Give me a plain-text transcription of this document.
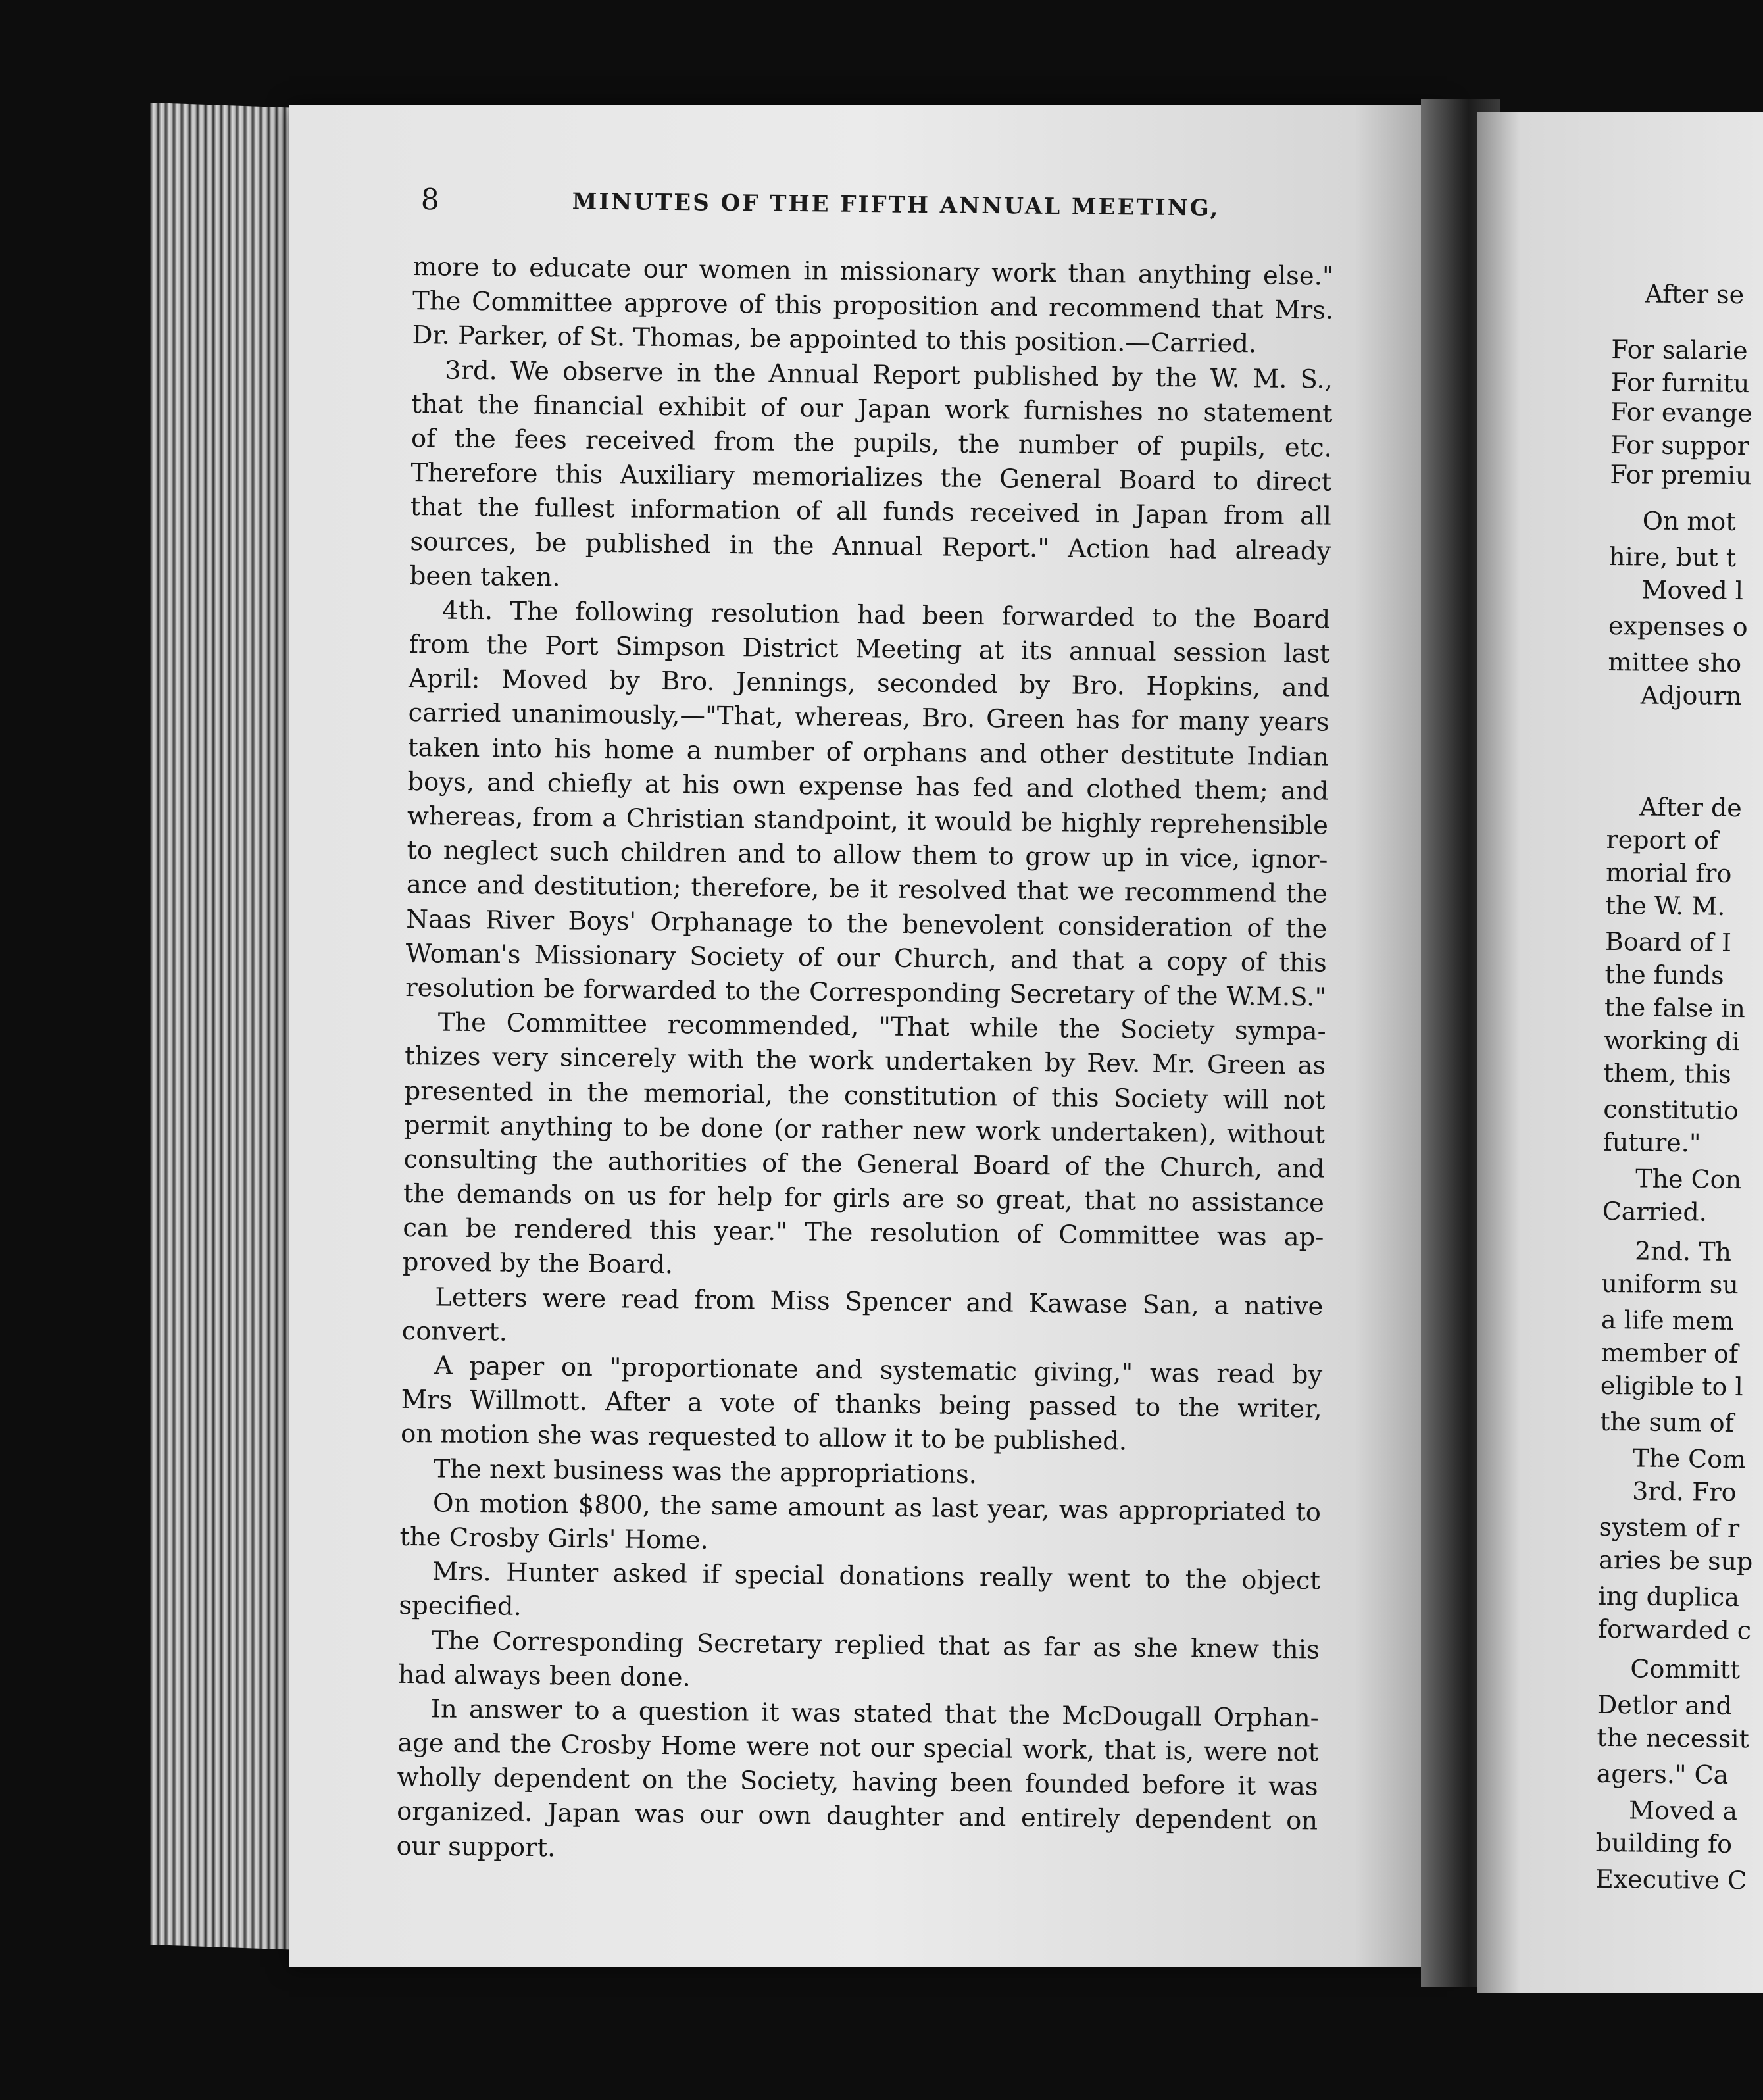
8	MINUTES OF THE FIFTH ANNUAL MEETING,
more to educate our women in missionary work than anything else."
The Committee approve of this proposition and recommend that Mrs.
Dr. Parker, of St. Thomas, be appointed to this position.—Carried.
3rd. We observe in the Annual Report published by the W. M. S.,
that the financial exhibit of our Japan work furnishes no statement
of the fees received from the pupils, the number of pupils, etc.
Therefore this Auxiliary memorializes the General Board to direct
that the fullest information of all funds received in Japan from all
sources, be published in the Annual Report." Action had already
been taken.
4th. The following resolution had been forwarded to the Board
from the Port Simpson District Meeting at its annual session last
April: Moved by Bro. Jennings, seconded by Bro. Hopkins, and
carried unanimously,—"That, whereas, Bro. Green has for many years
taken into his home a number of orphans and other destitute Indian
boys, and chiefly at his own expense has fed and clothed them; and
whereas, from a Christian standpoint, it would be highly reprehensible
to neglect such children and to allow them to grow up in vice, ignor-
ance and destitution; therefore, be it resolved that we recommend the
Naas River Boys' Orphanage to the benevolent consideration of the
Woman's Missionary Society of our Church, and that a copy of this
resolution be forwarded to the Corresponding Secretary of the W.M.S."
The Committee recommended, "That while the Society sympa-
thizes very sincerely with the work undertaken by Rev. Mr. Green as
presented in the memorial, the constitution of this Society will not
permit anything to be done (or rather new work undertaken), without
consulting the authorities of the General Board of the Church, and
the demands on us for help for girls are so great, that no assistance
can be rendered this year." The resolution of Committee was ap-
proved by the Board.
Letters were read from Miss Spencer and Kawase San, a native
convert.
A paper on "proportionate and systematic giving," was read by
Mrs Willmott. After a vote of thanks being passed to the writer,
on motion she was requested to allow it to be published.
The next business was the appropriations.
On motion $800, the same amount as last year, was appropriated to
the Crosby Girls' Home.
Mrs. Hunter asked if special donations really went to the object
specified.
The Corresponding Secretary replied that as far as she knew this
had always been done.
In answer to a question it was stated that the McDougall Orphan-
age and the Crosby Home were not our special work, that is, were not
wholly dependent on the Society, having been founded before it was
organized. Japan was our own daughter and entirely dependent on
our support.
After se
For salarie
For furnitu
For evange
For suppor
For premiu
On mot
hire, but t
Moved l
expenses o
mittee sho
Adjourn
After de
report of
morial fro
the W. M.
Board of I
the funds
the false in
working di
them, this
constitutio
future."
The Con
Carried.
2nd. Th
uniform su
a life mem
member of
eligible to l
the sum of
The Com
3rd. Fro
system of r
aries be sup
ing duplica
forwarded c
Committ
Detlor and
the necessit
agers." Ca
Moved a
building fo
Executive C
